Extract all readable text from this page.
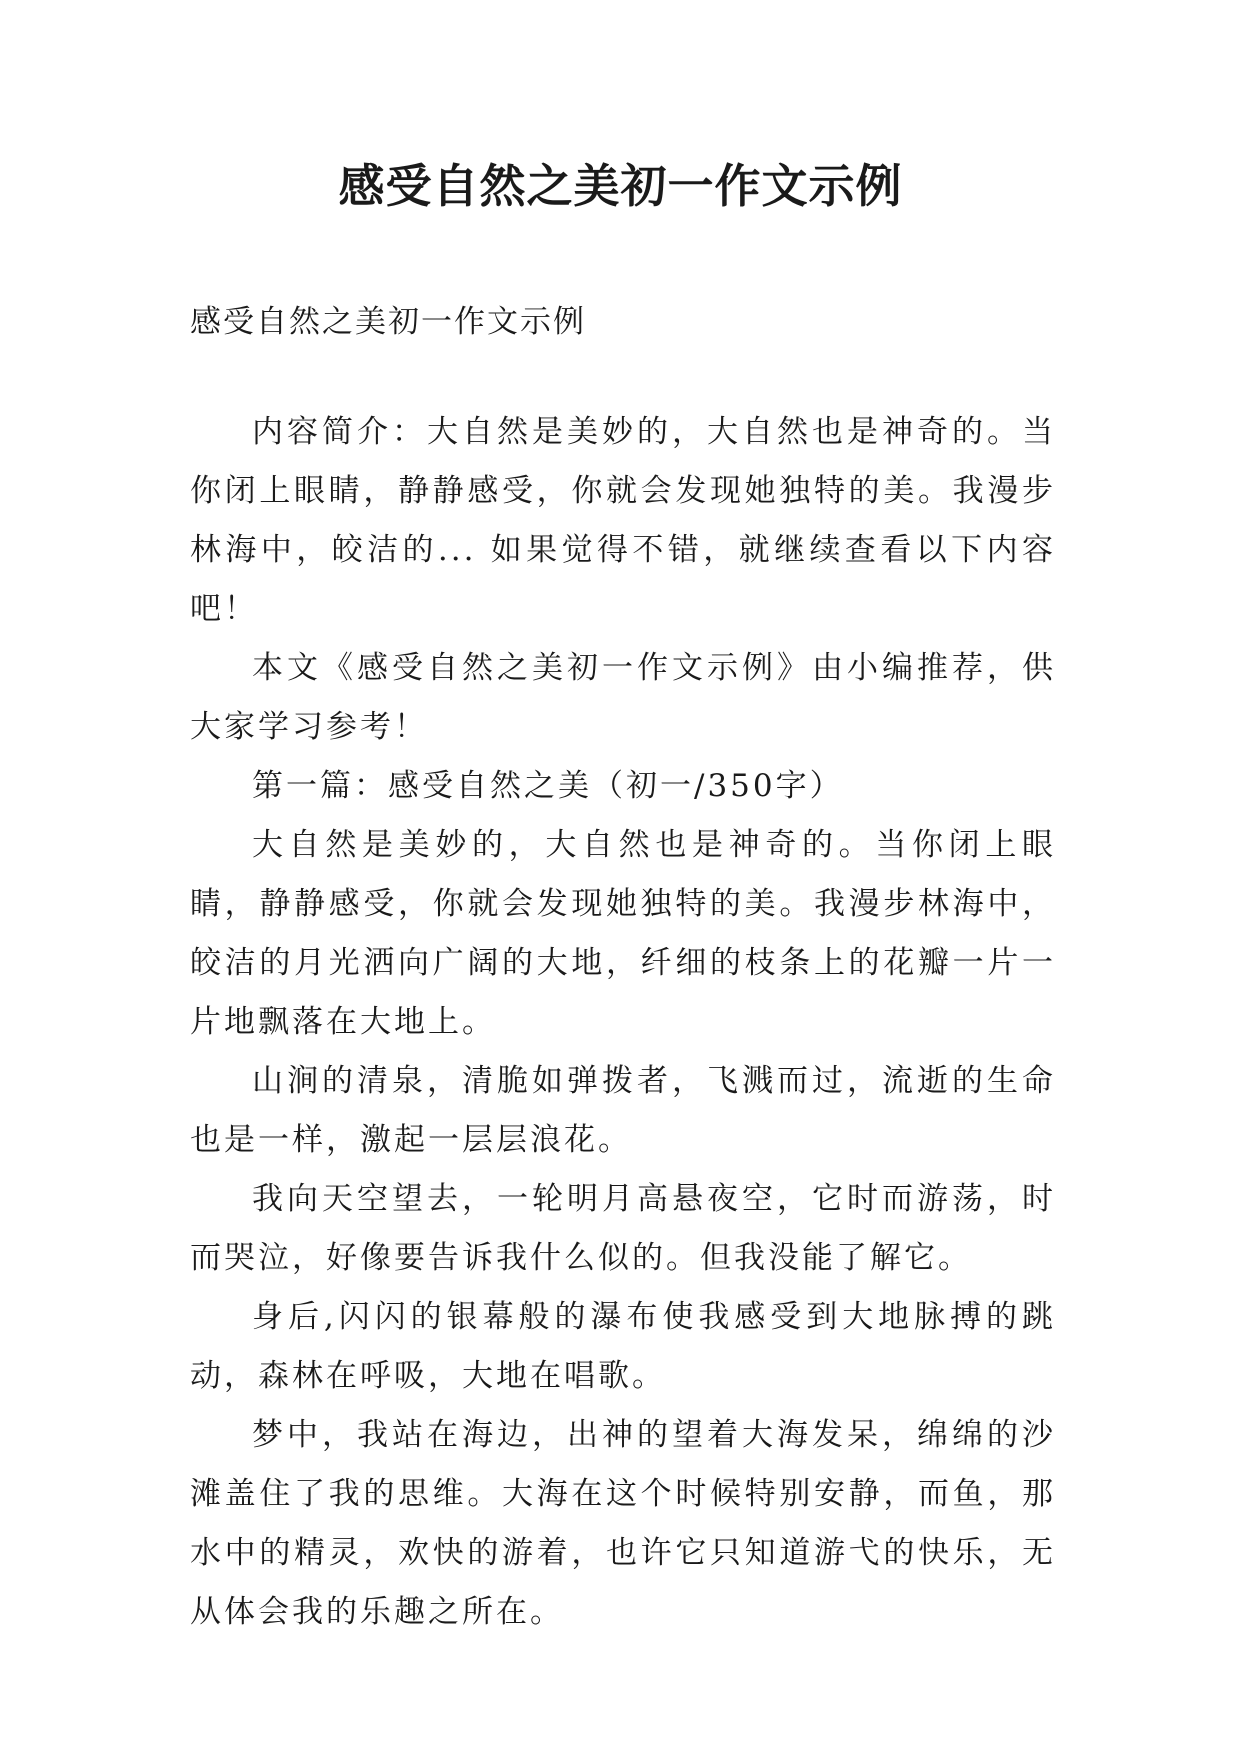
感受自然之美初一作文示例
感受自然之美初一作文示例

内容简介：大自然是美妙的，大自然也是神奇的。当你闭上眼睛，静静感受，你就会发现她独特的美。我漫步林海中，皎洁的... 如果觉得不错，就继续查看以下内容吧！

本文《感受自然之美初一作文示例》由小编推荐，供大家学习参考！

第一篇：感受自然之美（初一/350字）

大自然是美妙的，大自然也是神奇的。当你闭上眼睛，静静感受，你就会发现她独特的美。我漫步林海中，皎洁的月光洒向广阔的大地，纤细的枝条上的花瓣一片一片地飘落在大地上。

山涧的清泉，清脆如弹拨者，飞溅而过，流逝的生命也是一样，激起一层层浪花。

我向天空望去，一轮明月高悬夜空，它时而游荡，时而哭泣，好像要告诉我什么似的。但我没能了解它。

身后,闪闪的银幕般的瀑布使我感受到大地脉搏的跳动，森林在呼吸，大地在唱歌。

梦中，我站在海边，出神的望着大海发呆，绵绵的沙滩盖住了我的思维。大海在这个时候特别安静，而鱼，那水中的精灵，欢快的游着，也许它只知道游弋的快乐，无从体会我的乐趣之所在。
